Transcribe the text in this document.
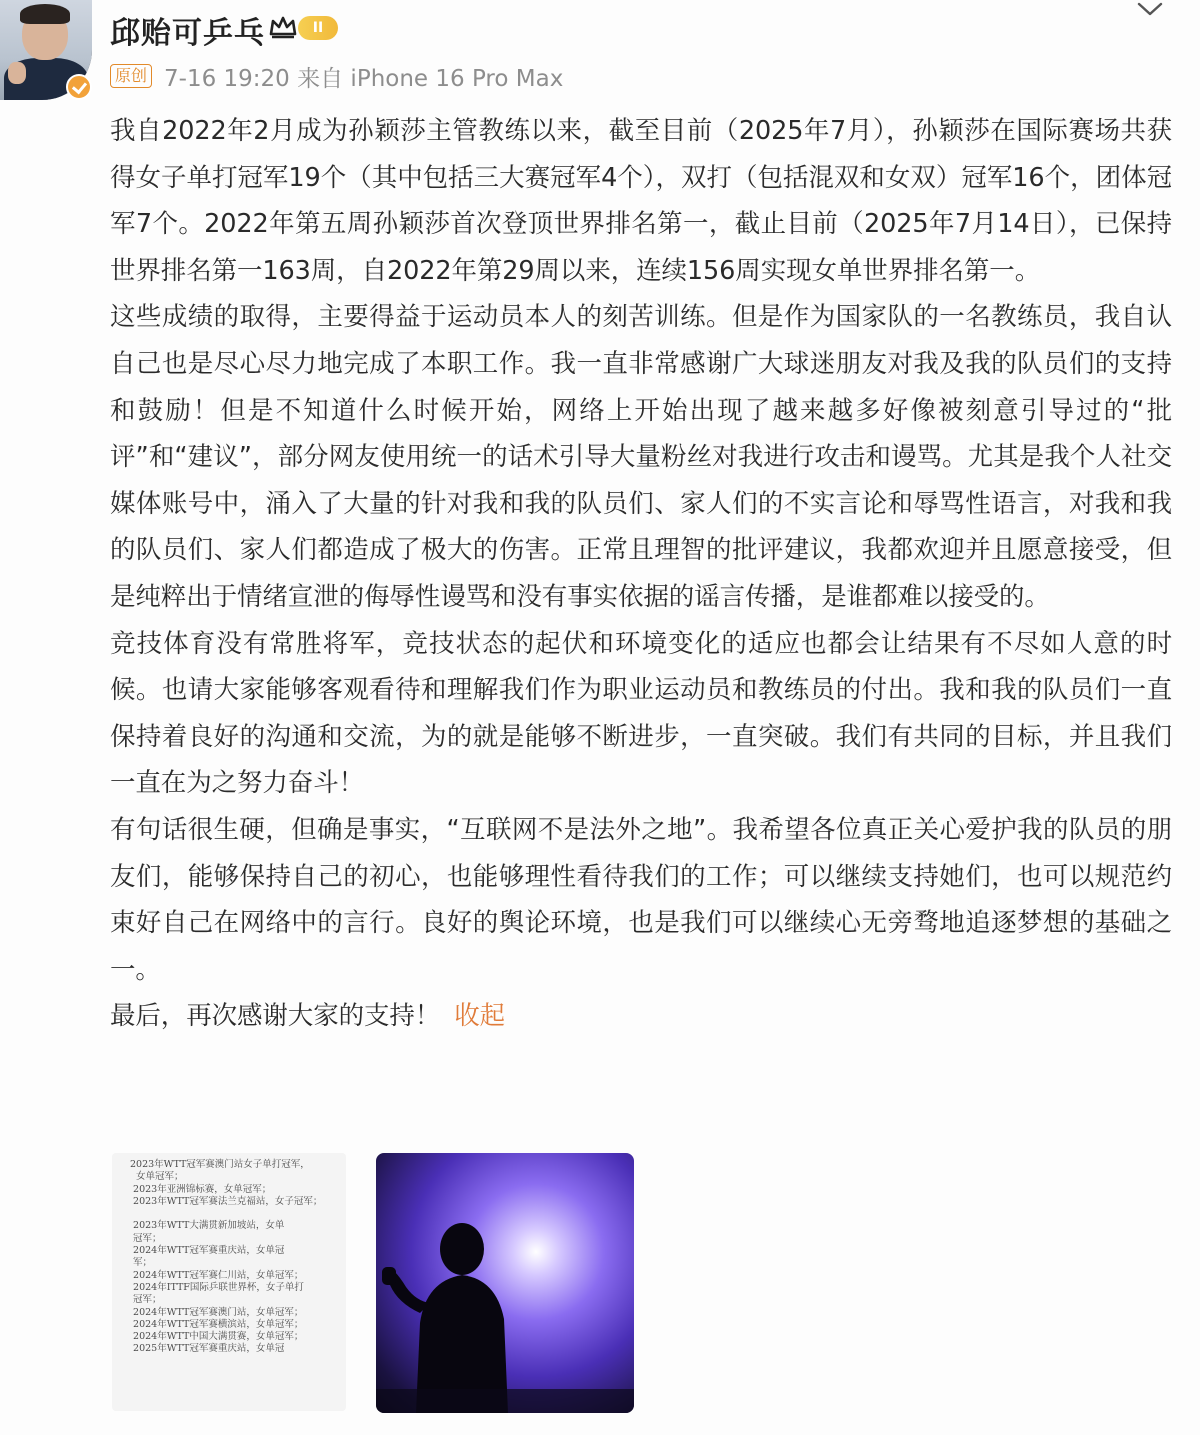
邱贻可乒乓	II
原创 7-16 19:20 来自 iPhone 16 Pro Max

我自2022年2月成为孙颖莎主管教练以来，截至目前（2025年7月），孙颖莎在国际赛场共获得女子单打冠军19个（其中包括三大赛冠军4个），双打（包括混双和女双）冠军16个，团体冠军7个。2022年第五周孙颖莎首次登顶世界排名第一，截止目前（2025年7月14日），已保持世界排名第一163周，自2022年第29周以来，连续156周实现女单世界排名第一。

这些成绩的取得，主要得益于运动员本人的刻苦训练。但是作为国家队的一名教练员，我自认自己也是尽心尽力地完成了本职工作。我一直非常感谢广大球迷朋友对我及我的队员们的支持和鼓励！但是不知道什么时候开始，网络上开始出现了越来越多好像被刻意引导过的“批评”和“建议”，部分网友使用统一的话术引导大量粉丝对我进行攻击和谩骂。尤其是我个人社交媒体账号中，涌入了大量的针对我和我的队员们、家人们的不实言论和辱骂性语言，对我和我的队员们、家人们都造成了极大的伤害。正常且理智的批评建议，我都欢迎并且愿意接受，但是纯粹出于情绪宣泄的侮辱性谩骂和没有事实依据的谣言传播，是谁都难以接受的。

竞技体育没有常胜将军，竞技状态的起伏和环境变化的适应也都会让结果有不尽如人意的时候。也请大家能够客观看待和理解我们作为职业运动员和教练员的付出。我和我的队员们一直保持着良好的沟通和交流，为的就是能够不断进步，一直突破。我们有共同的目标，并且我们一直在为之努力奋斗！

有句话很生硬，但确是事实，“互联网不是法外之地”。我希望各位真正关心爱护我的队员的朋友们，能够保持自己的初心，也能够理性看待我们的工作；可以继续支持她们，也可以规范约束好自己在网络中的言行。良好的舆论环境，也是我们可以继续心无旁骛地追逐梦想的基础之一。

最后，再次感谢大家的支持！ 收起

2023年WTT冠军赛澳门站女子单打冠军，
女单冠军；
2023年亚洲锦标赛，女单冠军；
2023年WTT冠军赛法兰克福站，女子冠军；

2023年WTT大满贯新加坡站，女单
冠军；
2024年WTT冠军赛重庆站，女单冠
军；
2024年WTT冠军赛仁川站，女单冠军；
2024年ITTF国际乒联世界杯，女子单打
冠军；
2024年WTT冠军赛澳门站，女单冠军；
2024年WTT冠军赛横滨站，女单冠军；
2024年WTT中国大满贯赛，女单冠军；
2025年WTT冠军赛重庆站，女单冠
